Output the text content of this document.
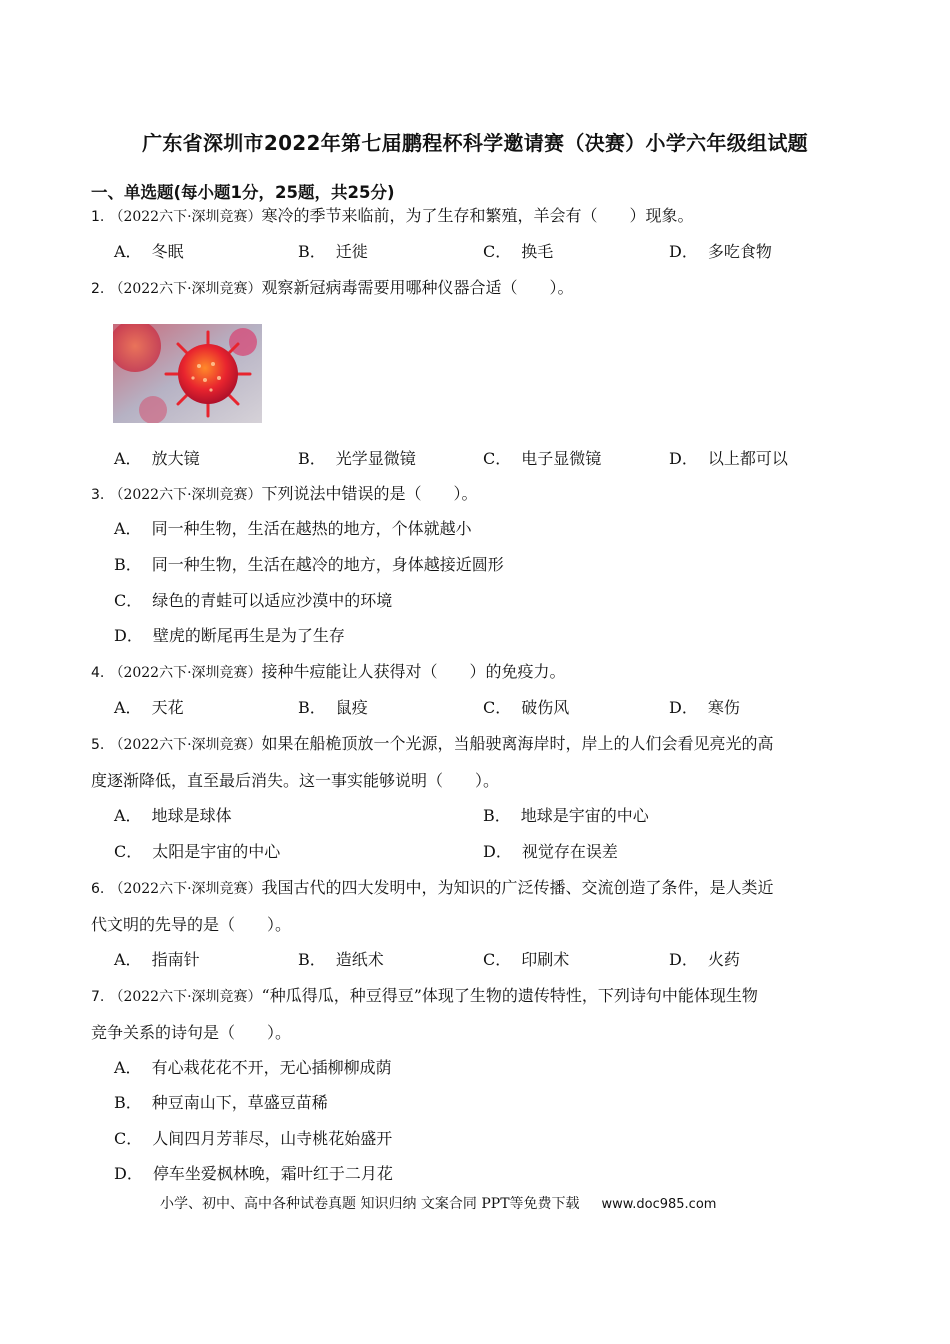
广东省深圳市2022年第七届鹏程杯科学邀请赛（决赛）小学六年级组试题
一、单选题(每小题1分，25题，共25分)
1. （2022六下·深圳竞赛）寒冷的季节来临前，为了生存和繁殖，羊会有（　　）现象。
A． 冬眠	B． 迁徙	C． 换毛	D． 多吃食物
2. （2022六下·深圳竞赛）观察新冠病毒需要用哪种仪器合适（　　）。
A． 放大镜	B． 光学显微镜	C． 电子显微镜	D． 以上都可以
3. （2022六下·深圳竞赛）下列说法中错误的是（　　）。
A． 同一种生物，生活在越热的地方，个体就越小
B． 同一种生物，生活在越冷的地方，身体越接近圆形
C． 绿色的青蛙可以适应沙漠中的环境
D． 壁虎的断尾再生是为了生存
4. （2022六下·深圳竞赛）接种牛痘能让人获得对（　　）的免疫力。
A． 天花	B． 鼠疫	C． 破伤风	D． 寒伤
5. （2022六下·深圳竞赛）如果在船桅顶放一个光源，当船驶离海岸时，岸上的人们会看见亮光的高
度逐渐降低，直至最后消失。这一事实能够说明（　　）。
A． 地球是球体	B． 地球是宇宙的中心
C． 太阳是宇宙的中心	D． 视觉存在误差
6. （2022六下·深圳竞赛）我国古代的四大发明中，为知识的广泛传播、交流创造了条件，是人类近
代文明的先导的是（　　）。
A． 指南针	B． 造纸术	C． 印刷术	D． 火药
7. （2022六下·深圳竞赛）“种瓜得瓜，种豆得豆”体现了生物的遗传特性，下列诗句中能体现生物
竞争关系的诗句是（　　）。
A． 有心栽花花不开，无心插柳柳成荫
B． 种豆南山下，草盛豆苗稀
C． 人间四月芳菲尽，山寺桃花始盛开
D． 停车坐爱枫林晚，霜叶红于二月花
小学、初中、高中各种试卷真题 知识归纳 文案合同 PPT等免费下载 www.doc985.com
